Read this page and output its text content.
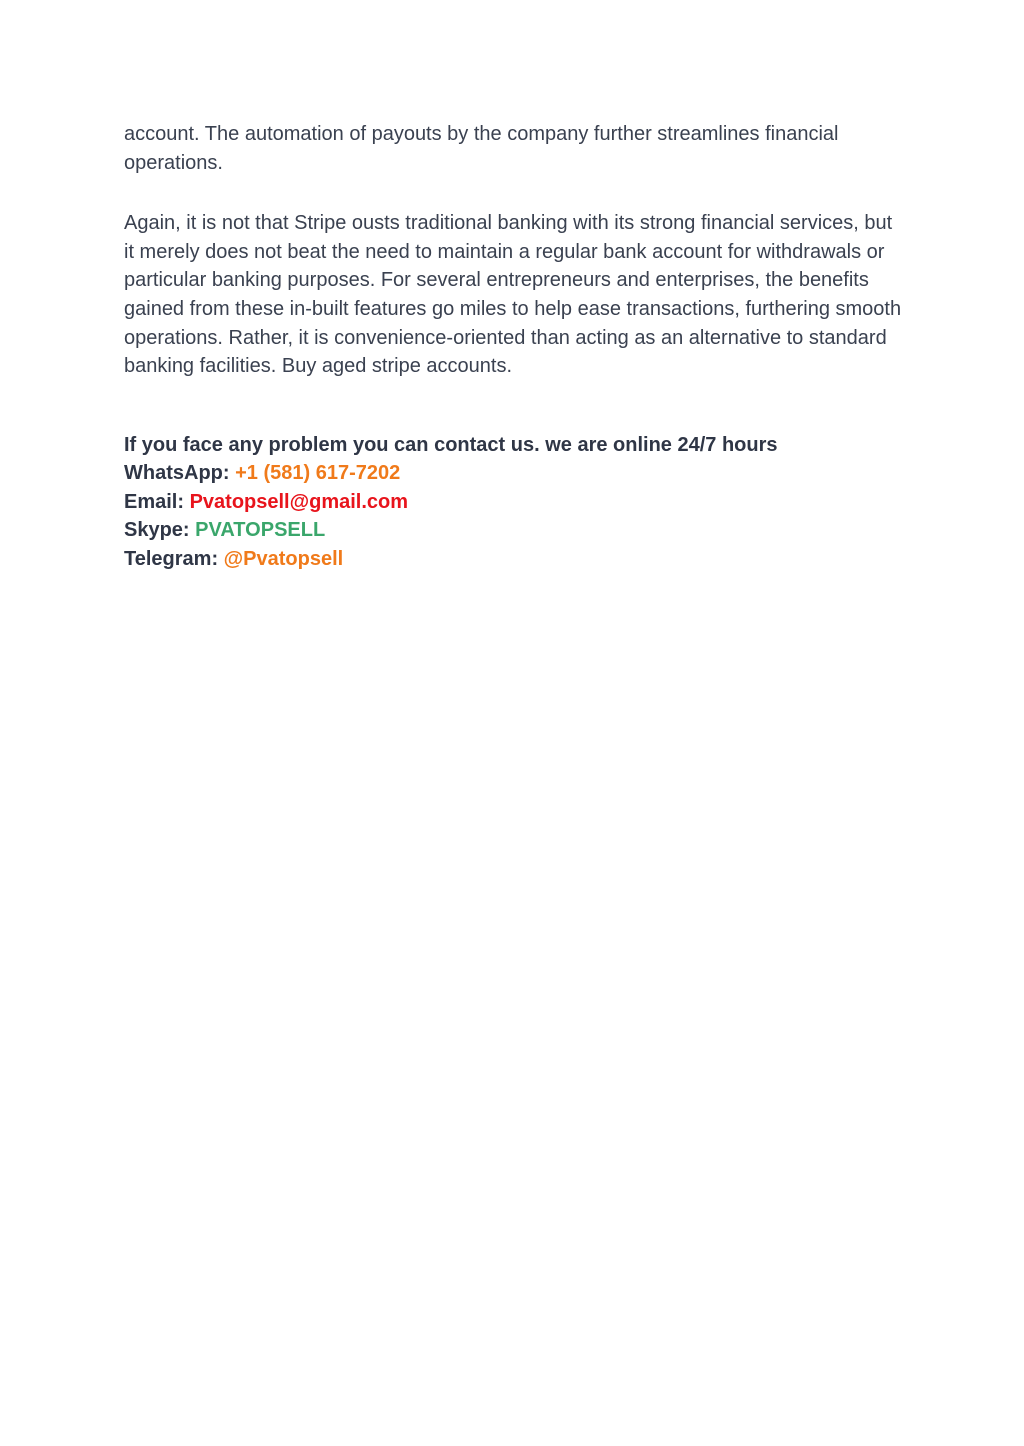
account. The automation of payouts by the company further streamlines financial operations.

Again, it is not that Stripe ousts traditional banking with its strong financial services, but it merely does not beat the need to maintain a regular bank account for withdrawals or particular banking purposes. For several entrepreneurs and enterprises, the benefits gained from these in-built features go miles to help ease transactions, furthering smooth operations. Rather, it is convenience-oriented than acting as an alternative to standard banking facilities. Buy aged stripe accounts.

If you face any problem you can contact us. we are online 24/7 hours
WhatsApp: +1 (581) 617-7202
Email: Pvatopsell@gmail.com
Skype: PVATOPSELL
Telegram: @Pvatopsell
